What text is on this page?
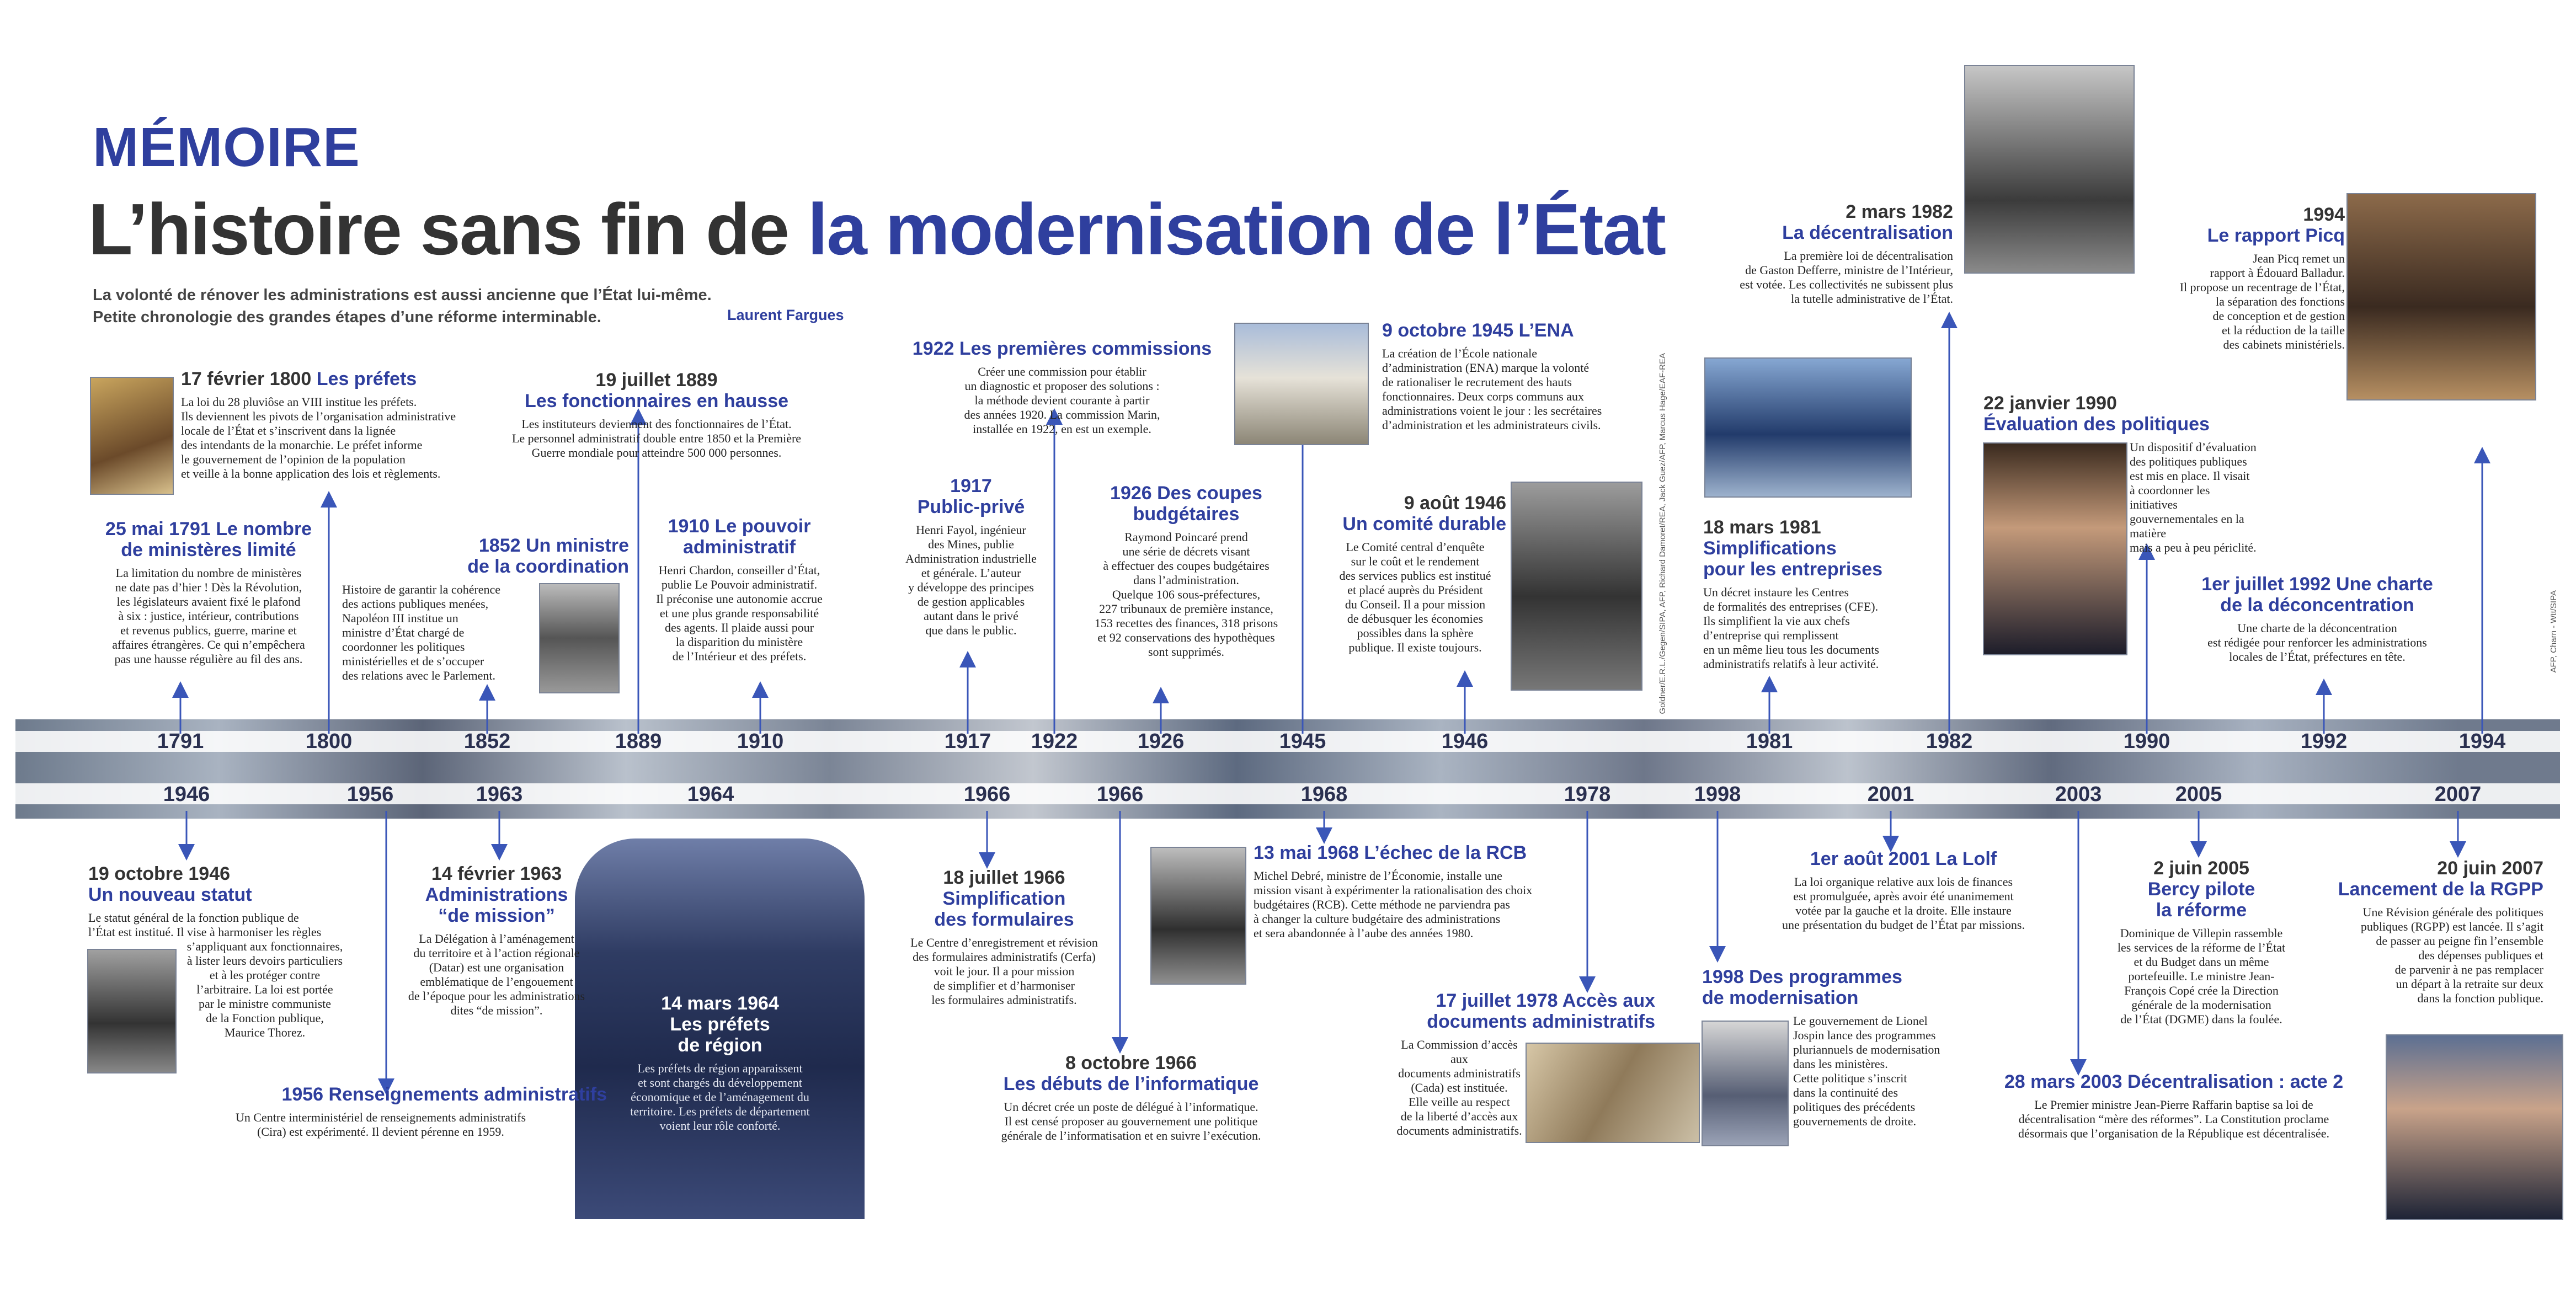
MÉMOIRE
L’histoire sans fin de la modernisation de l’État
La volonté de rénover les administrations est aussi ancienne que l’État lui-même.
Petite chronologie des grandes étapes d’une réforme interminable.	Laurent Fargues
1791	1800	1852	1889	1910	1917	1922	1926	1945	1946	1981	1982	1990	1992	1994
1946	1956	1963	1964	1966	1966	1968	1978	1998	2001	2003	2005	2007
Goldner/E.R.L./Gegen/SIPA, AFP, Richard Damoret/REA, Jack Guez/AFP, Marcus Hage/EAF-REA	AFP, Charn - Wtt/SIPA
17 février 1800 Les préfets
La loi du 28 pluviôse an VIII institue les préfets.
Ils deviennent les pivots de l’organisation administrative
locale de l’État et s’inscrivent dans la lignée
des intendants de la monarchie. Le préfet informe
le gouvernement de l’opinion de la population
et veille à la bonne application des lois et règlements.
25 mai 1791 Le nombre
de ministères limité
La limitation du nombre de ministères
ne date pas d’hier ! Dès la Révolution,
les législateurs avaient fixé le plafond
à six : justice, intérieur, contributions
et revenus publics, guerre, marine et
affaires étrangères. Ce qui n’empêchera
pas une hausse régulière au fil des ans.
19 juillet 1889
Les fonctionnaires en hausse
Les instituteurs deviennent des fonctionnaires de l’État.
Le personnel administratif double entre 1850 et la Première
Guerre mondiale pour atteindre 500 000 personnes.
1852 Un ministre
de la coordination
Histoire de garantir la cohérence
des actions publiques menées,
Napoléon III institue un
ministre d’État chargé de
coordonner les politiques
ministérielles et de s’occuper
des relations avec le Parlement.
1910 Le pouvoir
administratif
Henri Chardon, conseiller d’État,
publie Le Pouvoir administratif.
Il préconise une autonomie accrue
et une plus grande responsabilité
des agents. Il plaide aussi pour
la disparition du ministère
de l’Intérieur et des préfets.
1922 Les premières commissions
Créer une commission pour établir
un diagnostic et proposer des solutions :
la méthode devient courante à partir
des années 1920. La commission Marin,
installée en 1922, en est un exemple.
1917
Public-privé
Henri Fayol, ingénieur
des Mines, publie
Administration industrielle
et générale. L’auteur
y développe des principes
de gestion applicables
autant dans le privé
que dans le public.
1926 Des coupes
budgétaires
Raymond Poincaré prend
une série de décrets visant
à effectuer des coupes budgétaires
dans l’administration.
Quelque 106 sous-préfectures,
227 tribunaux de première instance,
153 recettes des finances, 318 prisons
et 92 conservations des hypothèques
sont supprimés.
9 octobre 1945 L’ENA
La création de l’École nationale
d’administration (ENA) marque la volonté
de rationaliser le recrutement des hauts
fonctionnaires. Deux corps communs aux
administrations voient le jour : les secrétaires
d’administration et les administrateurs civils.
9 août 1946
Un comité durable
Le Comité central d’enquête
sur le coût et le rendement
des services publics est institué
et placé auprès du Président
du Conseil. Il a pour mission
de débusquer les économies
possibles dans la sphère
publique. Il existe toujours.
18 mars 1981
Simplifications
pour les entreprises
Un décret instaure les Centres
de formalités des entreprises (CFE).
Ils simplifient la vie aux chefs
d’entreprise qui remplissent
en un même lieu tous les documents
administratifs relatifs à leur activité.
2 mars 1982
La décentralisation
La première loi de décentralisation
de Gaston Defferre, ministre de l’Intérieur,
est votée. Les collectivités ne subissent plus
la tutelle administrative de l’État.
22 janvier 1990
Évaluation des politiques
Un dispositif d’évaluation
des politiques publiques
est mis en place. Il visait
à coordonner les initiatives
gouvernementales en la matière
mais a peu à peu périclité.
1994
Le rapport Picq
Jean Picq remet un
rapport à Édouard Balladur.
Il propose un recentrage de l’État,
la séparation des fonctions
de conception et de gestion
et la réduction de la taille
des cabinets ministériels.
1er juillet 1992 Une charte
de la déconcentration
Une charte de la déconcentration
est rédigée pour renforcer les administrations
locales de l’État, préfectures en tête.
19 octobre 1946
Un nouveau statut
Le statut général de la fonction publique de
l’État est institué. Il vise à harmoniser les règles
s’appliquant aux fonctionnaires,
à lister leurs devoirs particuliers
et à les protéger contre
l’arbitraire. La loi est portée
par le ministre communiste
de la Fonction publique,
Maurice Thorez.
14 février 1963
Administrations
“de mission”
La Délégation à l’aménagement
du territoire et à l’action régionale
(Datar) est une organisation
emblématique de l’engouement
de l’époque pour les administrations
dites “de mission”.
1956 Renseignements administratifs
Un Centre interministériel de renseignements administratifs
(Cira) est expérimenté. Il devient pérenne en 1959.
14 mars 1964
Les préfets
de région
Les préfets de région apparaissent
et sont chargés du développement
économique et de l’aménagement du
territoire. Les préfets de département
voient leur rôle conforté.
18 juillet 1966
Simplification
des formulaires
Le Centre d’enregistrement et révision
des formulaires administratifs (Cerfa)
voit le jour. Il a pour mission
de simplifier et d’harmoniser
les formulaires administratifs.
8 octobre 1966
Les débuts de l’informatique
Un décret crée un poste de délégué à l’informatique.
Il est censé proposer au gouvernement une politique
générale de l’informatisation et en suivre l’exécution.
13 mai 1968 L’échec de la RCB
Michel Debré, ministre de l’Économie, installe une
mission visant à expérimenter la rationalisation des choix
budgétaires (RCB). Cette méthode ne parviendra pas
à changer la culture budgétaire des administrations
et sera abandonnée à l’aube des années 1980.
17 juillet 1978 Accès aux
documents administratifs
La Commission d’accès aux
documents administratifs
(Cada) est instituée.
Elle veille au respect
de la liberté d’accès aux
documents administratifs.
1998 Des programmes
de modernisation
Le gouvernement de Lionel
Jospin lance des programmes
pluriannuels de modernisation
dans les ministères.
Cette politique s’inscrit
dans la continuité des
politiques des précédents
gouvernements de droite.
1er août 2001 La Lolf
La loi organique relative aux lois de finances
est promulguée, après avoir été unanimement
votée par la gauche et la droite. Elle instaure
une présentation du budget de l’État par missions.
28 mars 2003 Décentralisation : acte 2
Le Premier ministre Jean-Pierre Raffarin baptise sa loi de
décentralisation “mère des réformes”. La Constitution proclame
désormais que l’organisation de la République est décentralisée.
2 juin 2005
Bercy pilote
la réforme
Dominique de Villepin rassemble
les services de la réforme de l’État
et du Budget dans un même
portefeuille. Le ministre Jean-
François Copé crée la Direction
générale de la modernisation
de l’État (DGME) dans la foulée.
20 juin 2007
Lancement de la RGPP
Une Révision générale des politiques
publiques (RGPP) est lancée. Il s’agit
de passer au peigne fin l’ensemble
des dépenses publiques et
de parvenir à ne pas remplacer
un départ à la retraite sur deux
dans la fonction publique.
